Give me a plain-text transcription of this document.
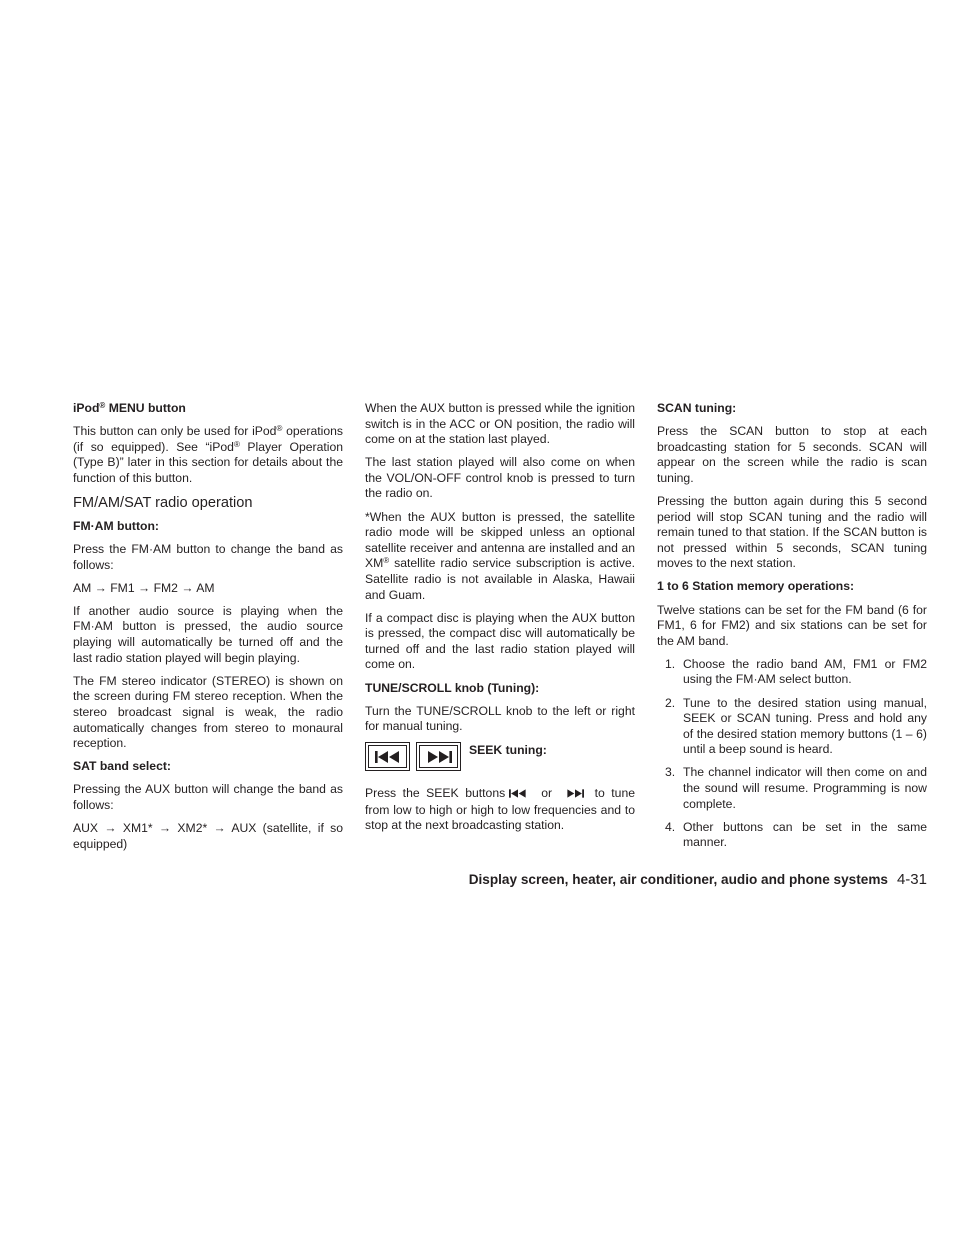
iPod® MENU button

This button can only be used for iPod® operations (if so equipped). See “iPod® Player Operation (Type B)” later in this section for details about the function of this button.

FM/AM/SAT radio operation
FM·AM button:

Press the FM·AM button to change the band as follows:

AM → FM1 → FM2 → AM

If another audio source is playing when the FM·AM button is pressed, the audio source playing will automatically be turned off and the last radio station played will begin playing.

The FM stereo indicator (STEREO) is shown on the screen during FM stereo reception. When the stereo broadcast signal is weak, the radio automatically changes from stereo to monaural reception.

SAT band select:

Pressing the AUX button will change the band as follows:

AUX → XM1* → XM2* → AUX (satellite, if so equipped)

When the AUX button is pressed while the ignition switch is in the ACC or ON position, the radio will come on at the station last played.

The last station played will also come on when the VOL/ON-OFF control knob is pressed to turn the radio on.

*When the AUX button is pressed, the satellite radio mode will be skipped unless an optional satellite receiver and antenna are installed and an XM® satellite radio service subscription is active. Satellite radio is not available in Alaska, Hawaii and Guam.

If a compact disc is playing when the AUX button is pressed, the compact disc will automatically be turned off and the last radio station played will come on.

TUNE/SCROLL knob (Tuning):

Turn the TUNE/SCROLL knob to the left or right for manual tuning.

SEEK tuning:

Press the SEEK buttons	or	to tune from low to high or high to low frequencies and to stop at the next broadcasting station.

SCAN tuning:

Press the SCAN button to stop at each broadcasting station for 5 seconds. SCAN will appear on the screen while the radio is scan tuning.

Pressing the button again during this 5 second period will stop SCAN tuning and the radio will remain tuned to that station. If the SCAN button is not pressed within 5 seconds, SCAN tuning moves to the next station.

1 to 6 Station memory operations:

Twelve stations can be set for the FM band (6 for FM1, 6 for FM2) and six stations can be set for the AM band.

1. Choose the radio band AM, FM1 or FM2 using the FM·AM select button.
2. Tune to the desired station using manual, SEEK or SCAN tuning. Press and hold any of the desired station memory buttons (1 – 6) until a beep sound is heard.
3. The channel indicator will then come on and the sound will resume. Programming is now complete.
4. Other buttons can be set in the same manner.
Display screen, heater, air conditioner, audio and phone systems 4-31
